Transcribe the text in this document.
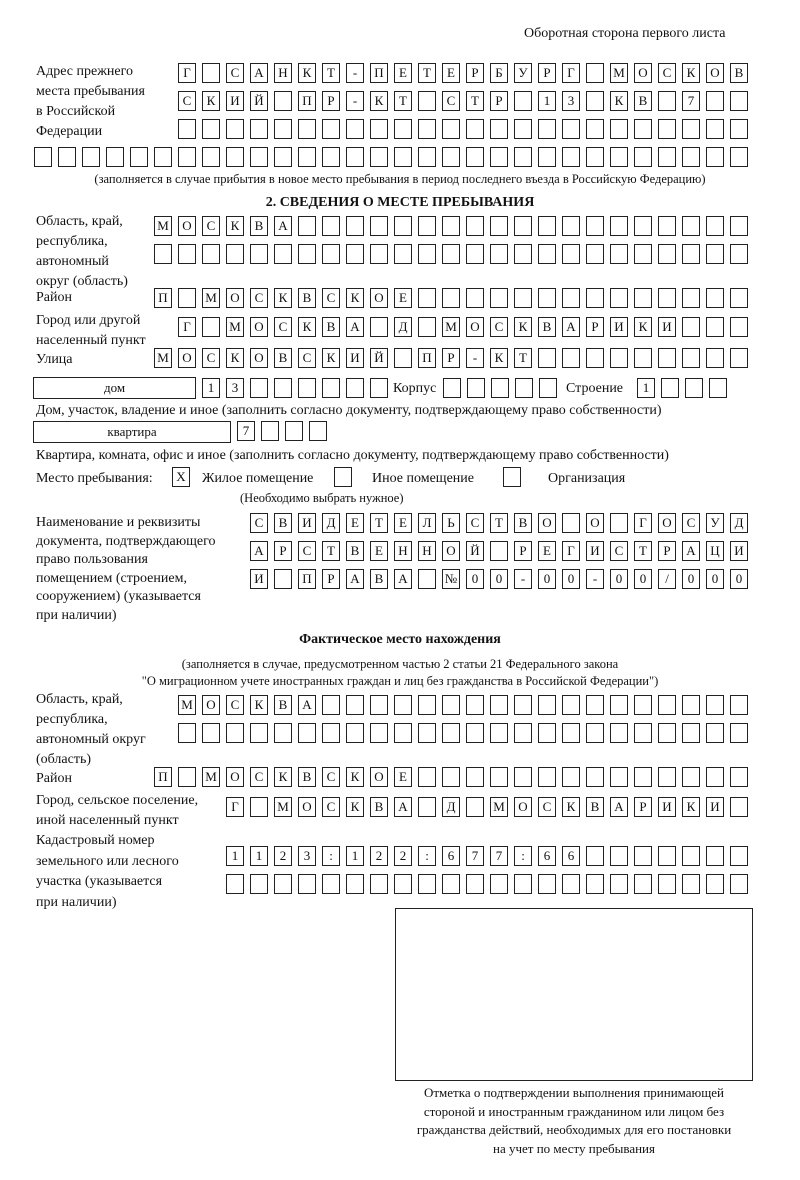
Оборотная сторона первого листа
Адрес прежнего
места пребывания
в Российской
Федерации
Г	С	А	Н	К	Т	-	П	Е	Т	Е	Р	Б	У	Р	Г	М	О	С	К	О	В
С	К	И	Й	П	Р	-	К	Т	С	Т	Р	1	3	К	В	7
(заполняется в случае прибытия в новое место пребывания в период последнего въезда в Российскую Федерацию)
2. СВЕДЕНИЯ О МЕСТЕ ПРЕБЫВАНИЯ
Область, край,
республика,
автономный
округ (область)
М	О	С	К	В	А
Район	П	М	О	С	К	В	С	К	О	Е
Город или другой
населенный пункт
Г	М	О	С	К	В	А	Д	М	О	С	К	В	А	Р	И	К	И
Улица	М	О	С	К	О	В	С	К	И	Й	П	Р	-	К	Т
дом	1	3	Корпус	Строение	1
Дом, участок, владение и иное (заполнить согласно документу, подтверждающему право собственности)
квартира	7
Квартира, комната, офис и иное (заполнить согласно документу, подтверждающему право собственности)
Место пребывания:	X	Жилое помещение	Иное помещение	Организация
(Необходимо выбрать нужное)
Наименование и реквизиты
документа, подтверждающего
право пользования
помещением (строением,
сооружением) (указывается
при наличии)
С	В	И	Д	Е	Т	Е	Л	Ь	С	Т	В	О	О	Г	О	С	У	Д
А	Р	С	Т	В	Е	Н	Н	О	Й	Р	Е	Г	И	С	Т	Р	А	Ц	И
И	П	Р	А	В	А	№	0	0	-	0	0	-	0	0	/	0	0	0
Фактическое место нахождения
(заполняется в случае, предусмотренном частью 2 статьи 21 Федерального закона
"О миграционном учете иностранных граждан и лиц без гражданства в Российской Федерации")
Область, край,
республика,
автономный округ
(область)
М	О	С	К	В	А
Район	П	М	О	С	К	В	С	К	О	Е
Город, сельское поселение,
иной населенный пункт
Г	М	О	С	К	В	А	Д	М	О	С	К	В	А	Р	И	К	И
Кадастровый номер
земельного или лесного
участка (указывается
при наличии)
1	1	2	3	:	1	2	2	:	6	7	7	:	6	6
Отметка о подтверждении выполнения принимающей
стороной и иностранным гражданином или лицом без
гражданства действий, необходимых для его постановки
на учет по месту пребывания
